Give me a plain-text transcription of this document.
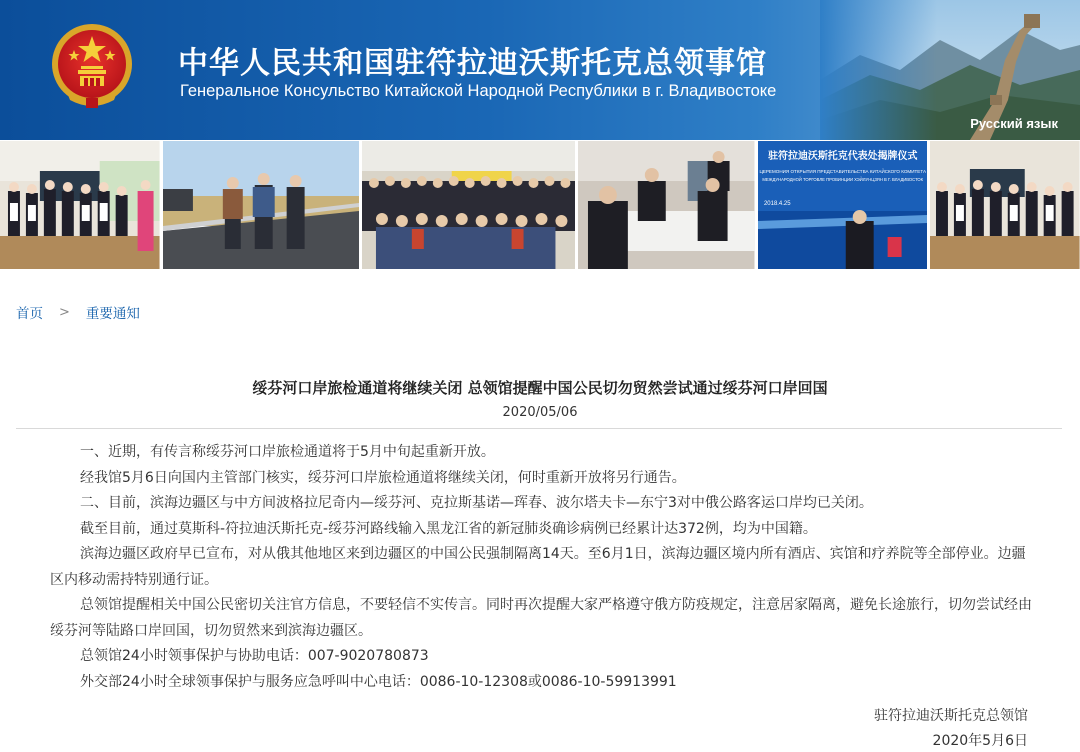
中华人民共和国驻符拉迪沃斯托克总领事馆
Генеральное Консульство Китайской Народной Республики в г. Владивостоке
Русский язык
驻符拉迪沃斯托克代表处揭牌仪式
ЦЕРЕМОНИЯ ОТКРЫТИЯ ПРЕДСТАВИТЕЛЬСТВА КИТАЙСКОГО КОМИТЕТА
МЕЖДУНАРОДНОЙ ТОРГОВЛЕ ПРОВИНЦИИ ХЭЙЛУНЦЗЯН В Г. ВЛАДИВОСТОК
2018.4.25
首页 > 重要通知
绥芬河口岸旅检通道将继续关闭 总领馆提醒中国公民切勿贸然尝试通过绥芬河口岸回国
2020/05/06

一、近期，有传言称绥芬河口岸旅检通道将于5月中旬起重新开放。

经我馆5月6日向国内主管部门核实，绥芬河口岸旅检通道将继续关闭，何时重新开放将另行通告。

二、目前，滨海边疆区与中方间波格拉尼奇内—绥芬河、克拉斯基诺—珲春、波尔塔夫卡—东宁3对中俄公路客运口岸均已关闭。

截至目前，通过莫斯科-符拉迪沃斯托克-绥芬河路线输入黑龙江省的新冠肺炎确诊病例已经累计达372例，均为中国籍。

滨海边疆区政府早已宣布，对从俄其他地区来到边疆区的中国公民强制隔离14天。至6月1日，滨海边疆区境内所有酒店、宾馆和疗养院等全部停业。边疆区内移动需持特别通行证。

总领馆提醒相关中国公民密切关注官方信息，不要轻信不实传言。同时再次提醒大家严格遵守俄方防疫规定，注意居家隔离，避免长途旅行，切勿尝试经由绥芬河等陆路口岸回国，切勿贸然来到滨海边疆区。

总领馆24小时领事保护与协助电话：007-9020780873

外交部24小时全球领事保护与服务应急呼叫中心电话：0086-10-12308或0086-10-59913991

驻符拉迪沃斯托克总领馆
2020年5月6日
